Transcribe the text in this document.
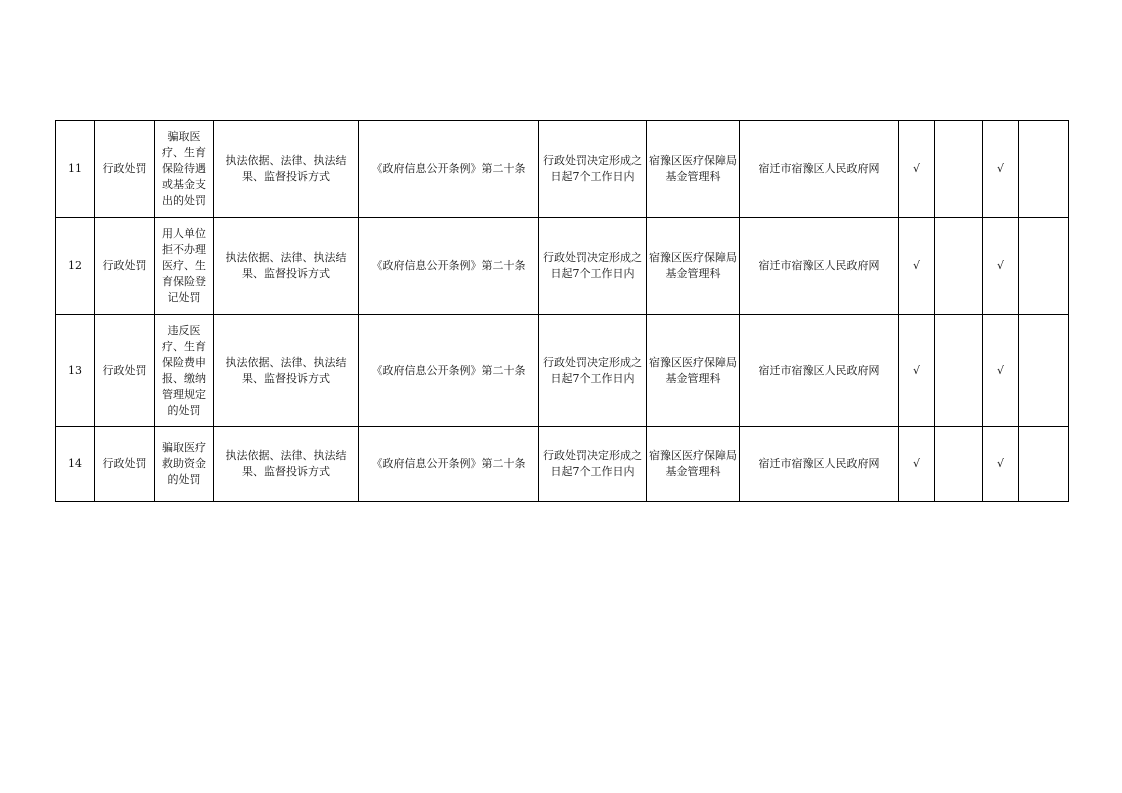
11	行政处罚	骗取医疗、生育保险待遇或基金支出的处罚	执法依据、法律、执法结果、监督投诉方式	《政府信息公开条例》第二十条	行政处罚决定形成之日起7个工作日内	宿豫区医疗保障局基金管理科	宿迁市宿豫区人民政府网	√		√	
12	行政处罚	用人单位拒不办理医疗、生育保险登记处罚	执法依据、法律、执法结果、监督投诉方式	《政府信息公开条例》第二十条	行政处罚决定形成之日起7个工作日内	宿豫区医疗保障局基金管理科	宿迁市宿豫区人民政府网	√		√	
13	行政处罚	违反医疗、生育保险费申报、缴纳管理规定的处罚	执法依据、法律、执法结果、监督投诉方式	《政府信息公开条例》第二十条	行政处罚决定形成之日起7个工作日内	宿豫区医疗保障局基金管理科	宿迁市宿豫区人民政府网	√		√	
14	行政处罚	骗取医疗救助资金的处罚	执法依据、法律、执法结果、监督投诉方式	《政府信息公开条例》第二十条	行政处罚决定形成之日起7个工作日内	宿豫区医疗保障局基金管理科	宿迁市宿豫区人民政府网	√		√	
